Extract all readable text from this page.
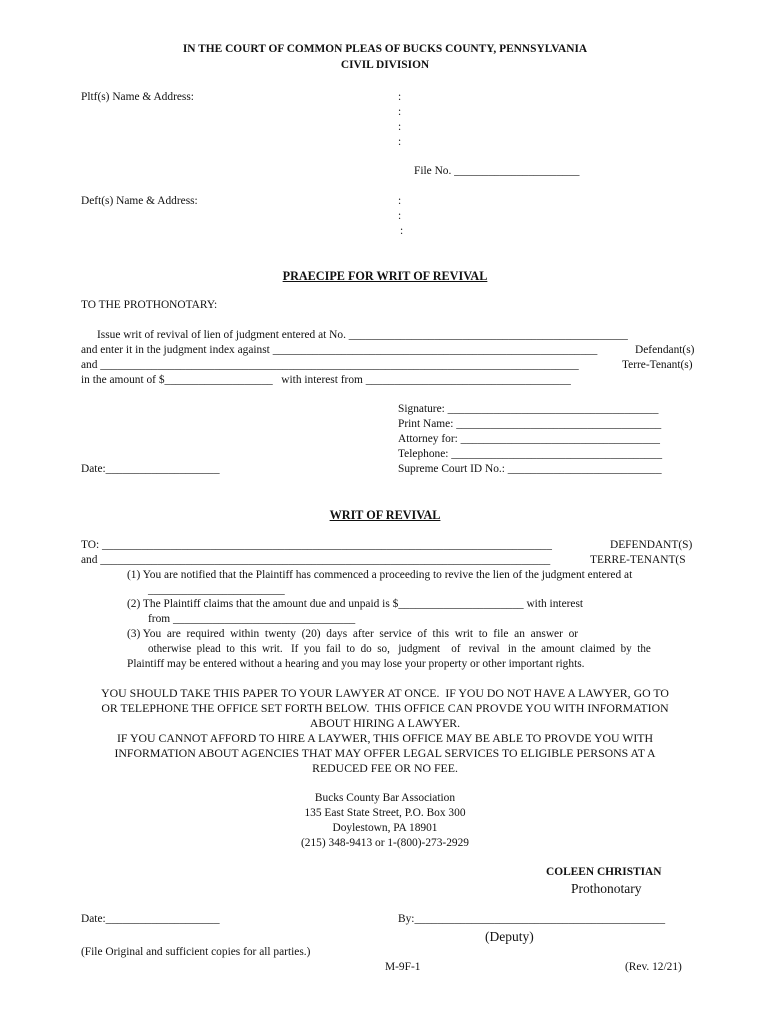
IN THE COURT OF COMMON PLEAS OF BUCKS COUNTY, PENNSYLVANIA
CIVIL DIVISION
Pltf(s) Name & Address:	:
:
:
:
File No. ______________________
Deft(s) Name & Address:	:
:
:
PRAECIPE FOR WRIT OF REVIVAL
TO THE PROTHONOTARY:
Issue writ of revival of lien of judgment entered at No. _________________________________________________
and enter it in the judgment index against _________________________________________________________	Defendant(s)
and ____________________________________________________________________________________	Terre-Tenant(s)
in the amount of $___________________   with interest from ____________________________________
Signature: _____________________________________
Print Name: ____________________________________
Attorney for: ___________________________________
Telephone: _____________________________________
Supreme Court ID No.: ___________________________
Date:____________________
WRIT OF REVIVAL
TO: _______________________________________________________________________________	DEFENDANT(S)
and _______________________________________________________________________________	TERRE-TENANT(S
(1) You are notified that the Plaintiff has commenced a proceeding to revive the lien of the judgment entered at
________________________
(2) The Plaintiff claims that the amount due and unpaid is $______________________ with interest
from ________________________________
(3) You  are  required  within  twenty  (20)  days  after  service  of  this  writ  to  file  an  answer  or
otherwise  plead  to  this  writ.   If  you  fail  to  do  so,   judgment    of   revival   in  the  amount  claimed  by  the
Plaintiff may be entered without a hearing and you may lose your property or other important rights.
YOU SHOULD TAKE THIS PAPER TO YOUR LAWYER AT ONCE.  IF YOU DO NOT HAVE A LAWYER, GO TO
OR TELEPHONE THE OFFICE SET FORTH BELOW.  THIS OFFICE CAN PROVDE YOU WITH INFORMATION
ABOUT HIRING A LAWYER.
IF YOU CANNOT AFFORD TO HIRE A LAYWER, THIS OFFICE MAY BE ABLE TO PROVDE YOU WITH
INFORMATION ABOUT AGENCIES THAT MAY OFFER LEGAL SERVICES TO ELIGIBLE PERSONS AT A
REDUCED FEE OR NO FEE.
Bucks County Bar Association
135 East State Street, P.O. Box 300
Doylestown, PA 18901
(215) 348-9413 or 1-(800)-273-2929
COLEEN CHRISTIAN
Prothonotary
Date:____________________	By:____________________________________________
(Deputy)
(File Original and sufficient copies for all parties.)
M-9F-1	(Rev. 12/21)
